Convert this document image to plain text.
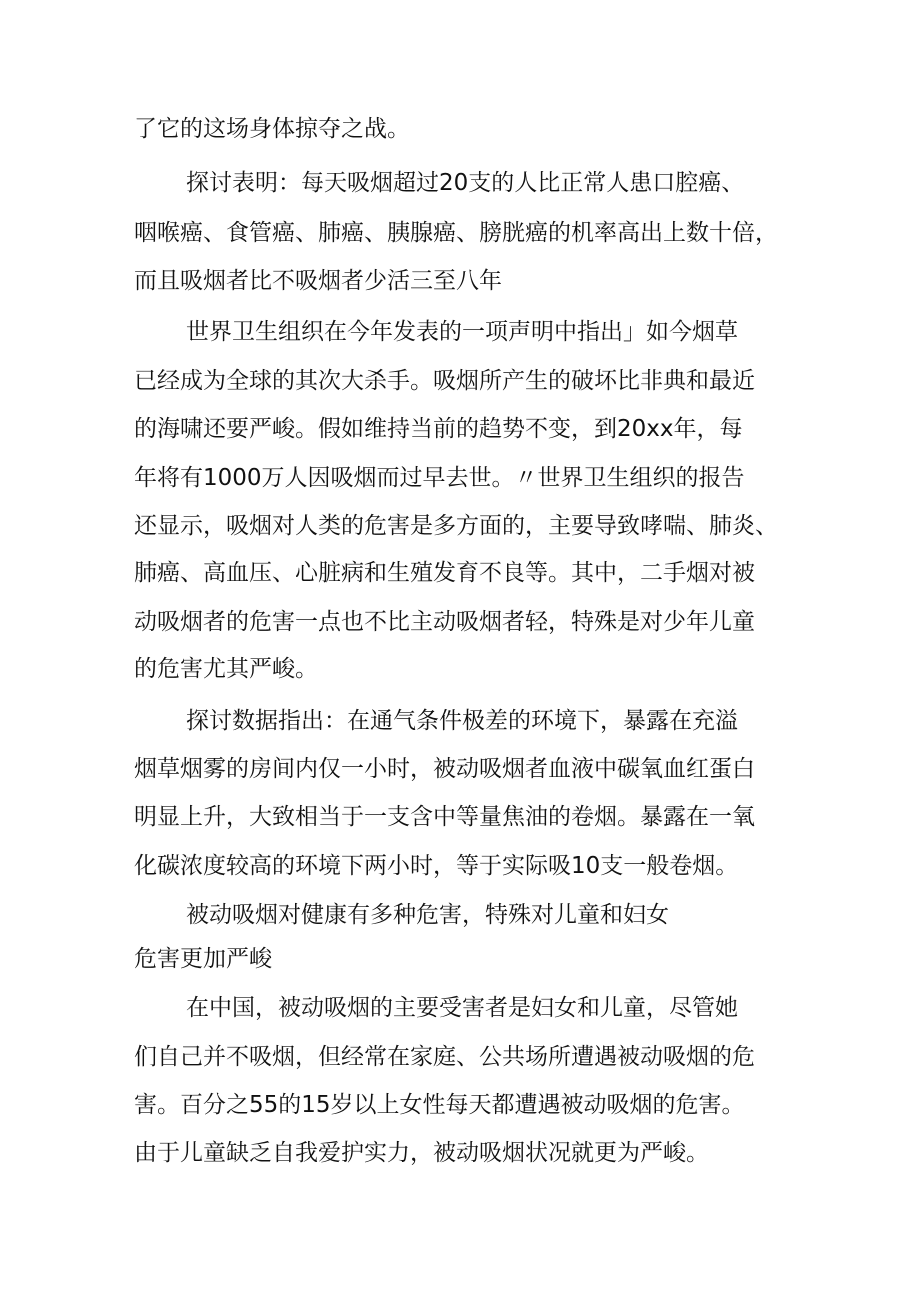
了它的这场身体掠夺之战。
探讨表明：每天吸烟超过20支的人比正常人患口腔癌、
咽喉癌、食管癌、肺癌、胰腺癌、膀胱癌的机率高出上数十倍，
而且吸烟者比不吸烟者少活三至八年
世界卫生组织在今年发表的一项声明中指出」如今烟草
已经成为全球的其次大杀手。吸烟所产生的破坏比非典和最近
的海啸还要严峻。假如维持当前的趋势不变，到20xx年，每
年将有1000万人因吸烟而过早去世。〃世界卫生组织的报告
还显示，吸烟对人类的危害是多方面的，主要导致哮喘、肺炎、
肺癌、高血压、心脏病和生殖发育不良等。其中，二手烟对被
动吸烟者的危害一点也不比主动吸烟者轻，特殊是对少年儿童
的危害尤其严峻。
探讨数据指出：在通气条件极差的环境下，暴露在充溢
烟草烟雾的房间内仅一小时，被动吸烟者血液中碳氧血红蛋白
明显上升，大致相当于一支含中等量焦油的卷烟。暴露在一氧
化碳浓度较高的环境下两小时，等于实际吸10支一般卷烟。
被动吸烟对健康有多种危害，特殊对儿童和妇女
危害更加严峻
在中国，被动吸烟的主要受害者是妇女和儿童，尽管她
们自己并不吸烟，但经常在家庭、公共场所遭遇被动吸烟的危
害。百分之55的15岁以上女性每天都遭遇被动吸烟的危害。
由于儿童缺乏自我爱护实力，被动吸烟状况就更为严峻。
